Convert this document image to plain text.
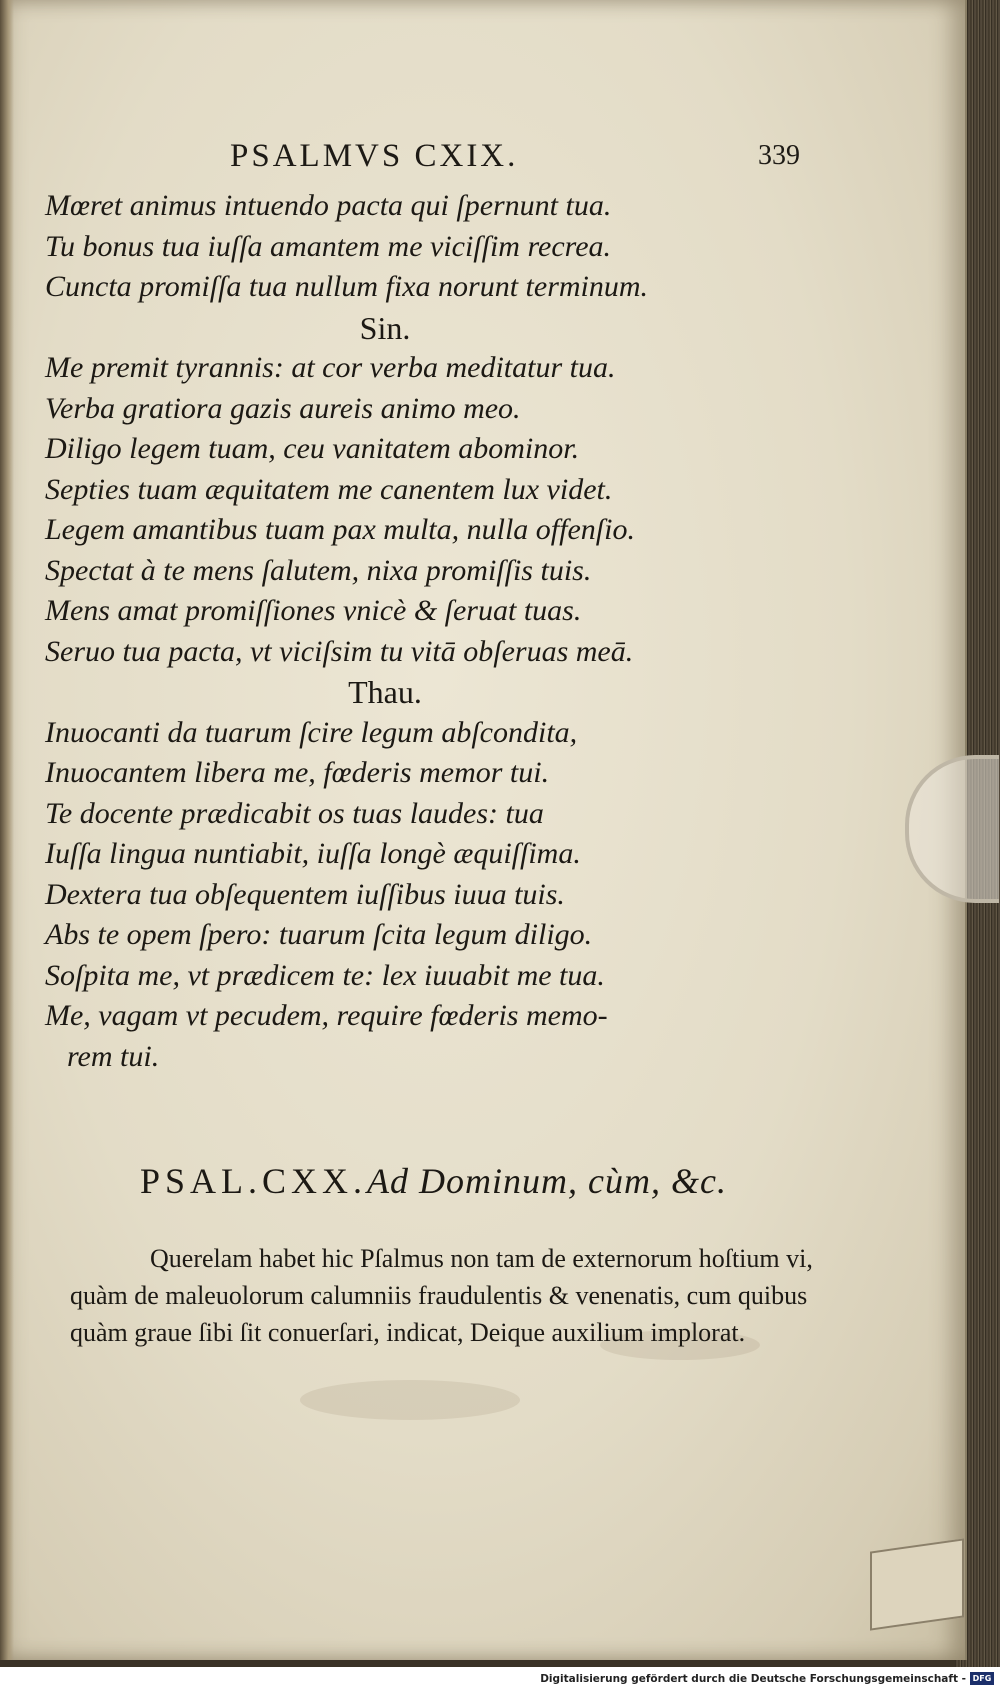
PSALMVS CXIX.	339
Mœret animus intuendo pacta qui ſpernunt tua.
Tu bonus tua iuſſa amantem me viciſſim recrea.
Cuncta promiſſa tua nullum fixa norunt terminum.
Sin.
Me premit tyrannis: at cor verba meditatur tua.
Verba gratiora gazis aureis animo meo.
Diligo legem tuam, ceu vanitatem abominor.
Septies tuam æquitatem me canentem lux videt.
Legem amantibus tuam pax multa, nulla offenſio.
Spectat à te mens ſalutem, nixa promiſſis tuis.
Mens amat promiſſiones vnicè & ſeruat tuas.
Seruo tua pacta, vt viciſsim tu vitā obſeruas meā.
Thau.
Inuocanti da tuarum ſcire legum abſcondita,
Inuocantem libera me, fœderis memor tui.
Te docente prædicabit os tuas laudes: tua
Iuſſa lingua nuntiabit, iuſſa longè æquiſſima.
Dextera tua obſequentem iuſſibus iuua tuis.
Abs te opem ſpero: tuarum ſcita legum diligo.
Soſpita me, vt prædicem te: lex iuuabit me tua.
Me, vagam vt pecudem, require fœderis memo-
rem tui.
PSAL.CXX.Ad Dominum, cùm, &c.

Querelam habet hic Pſalmus non tam de externorum hoſtium vi, quàm de maleuolorum calumniis fraudulentis & venenatis, cum quibus quàm graue ſibi ſit conuerſari, indicat, Deique auxilium implorat.

Digitalisierung gefördert durch die Deutsche Forschungsgemeinschaft - DFG
